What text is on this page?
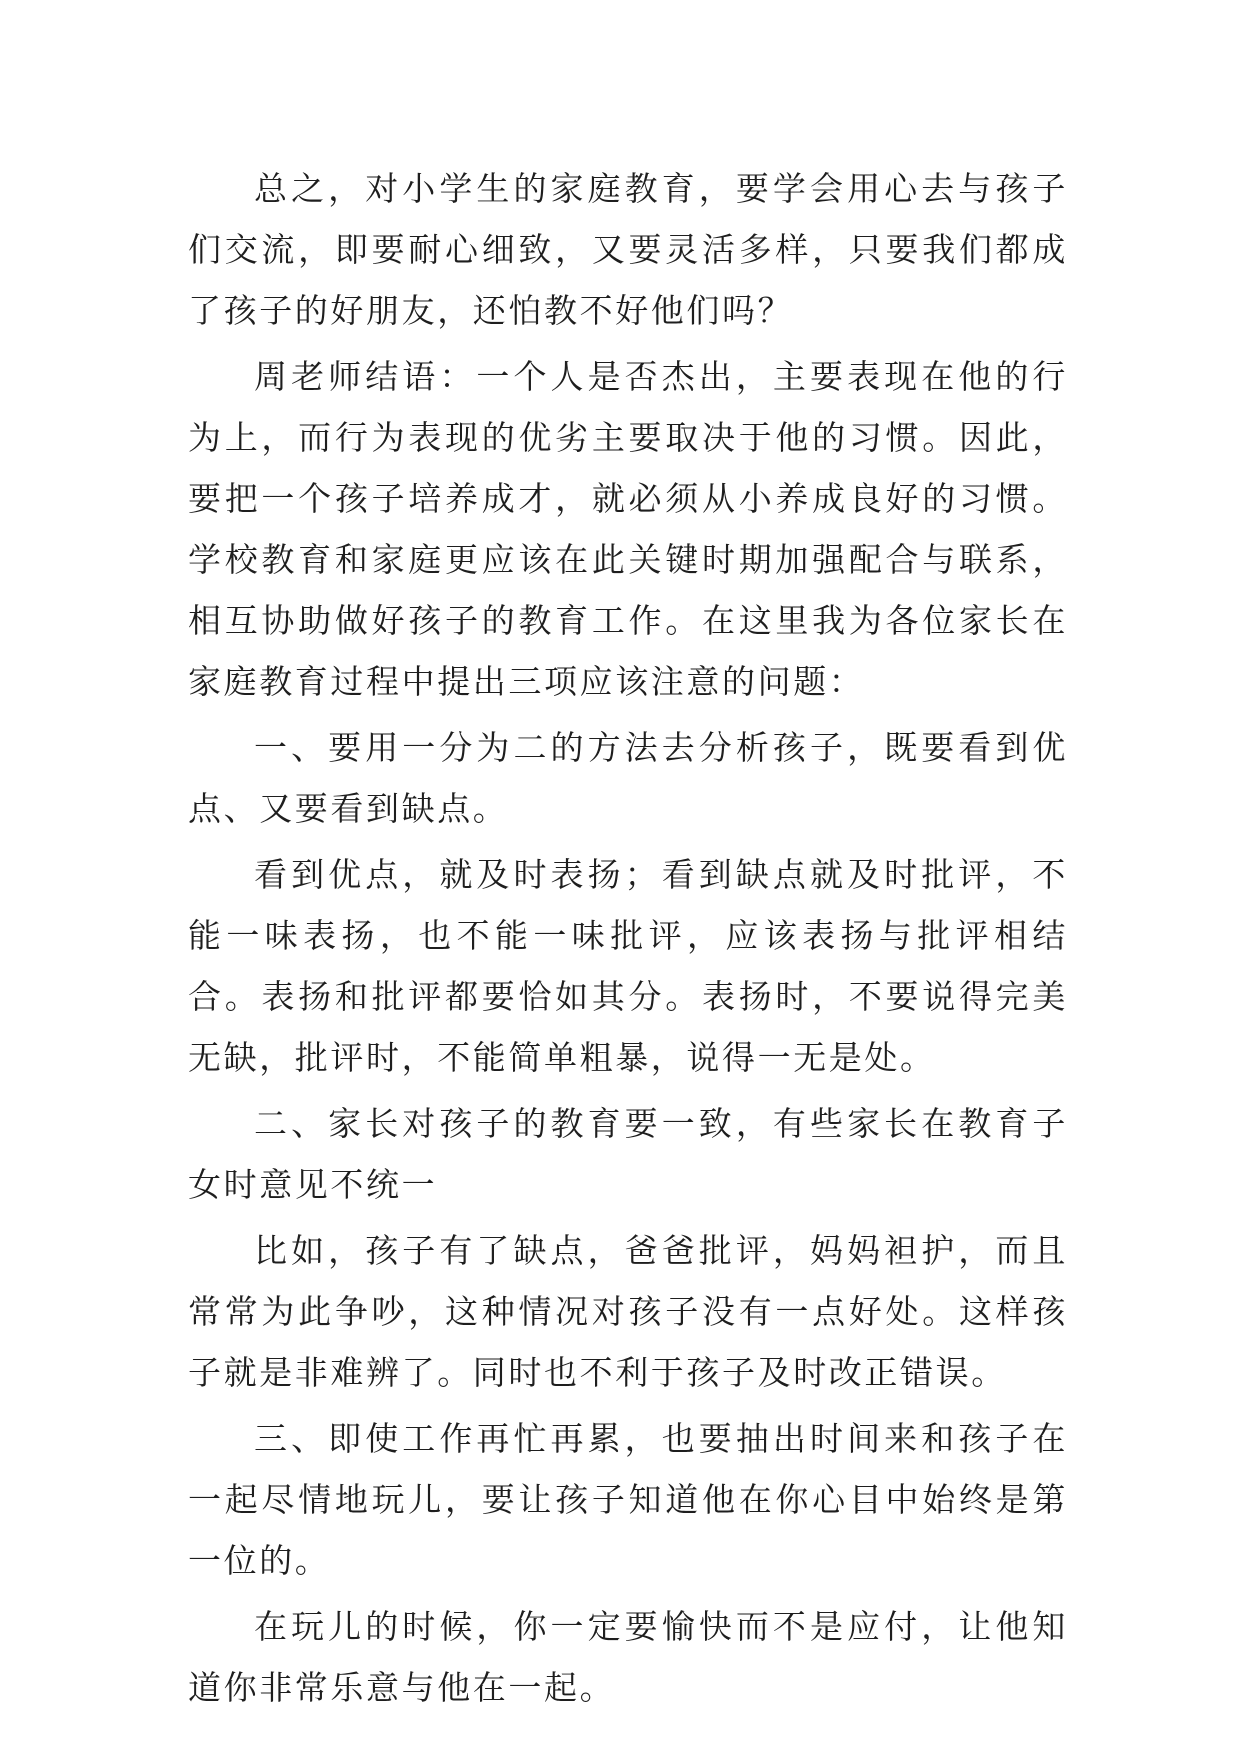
总之，对小学生的家庭教育，要学会用心去与孩子们交流，即要耐心细致，又要灵活多样，只要我们都成了孩子的好朋友，还怕教不好他们吗？

周老师结语：一个人是否杰出，主要表现在他的行为上，而行为表现的优劣主要取决于他的习惯。因此，要把一个孩子培养成才，就必须从小养成良好的习惯。学校教育和家庭更应该在此关键时期加强配合与联系，相互协助做好孩子的教育工作。在这里我为各位家长在家庭教育过程中提出三项应该注意的问题：

一、要用一分为二的方法去分析孩子，既要看到优点、又要看到缺点。

看到优点，就及时表扬；看到缺点就及时批评，不能一味表扬，也不能一味批评，应该表扬与批评相结合。表扬和批评都要恰如其分。表扬时，不要说得完美无缺，批评时，不能简单粗暴，说得一无是处。

二、家长对孩子的教育要一致，有些家长在教育子女时意见不统一

比如，孩子有了缺点，爸爸批评，妈妈袒护，而且常常为此争吵，这种情况对孩子没有一点好处。这样孩子就是非难辨了。同时也不利于孩子及时改正错误。

三、即使工作再忙再累，也要抽出时间来和孩子在一起尽情地玩儿，要让孩子知道他在你心目中始终是第一位的。

在玩儿的时候，你一定要愉快而不是应付，让他知道你非常乐意与他在一起。
